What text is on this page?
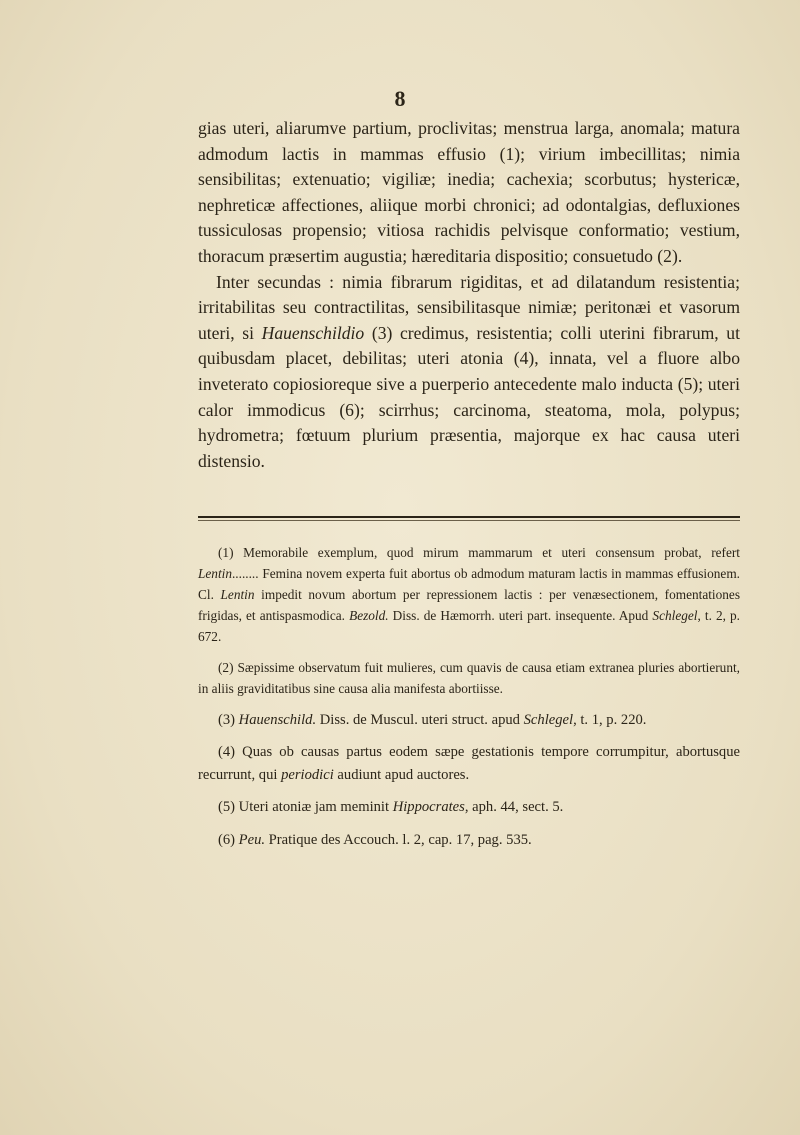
8

gias uteri, aliarumve partium, proclivitas; menstrua larga, anomala; matura admodum lactis in mammas effusio (1); virium imbecillitas; nimia sensibilitas; extenuatio; vigiliæ; inedia; cachexia; scorbutus; hystericæ, nephreticæ affectiones, aliique morbi chronici; ad odontalgias, defluxiones tussiculosas propensio; vitiosa rachidis pelvisque conformatio; vestium, thoracum præsertim augustia; hæreditaria dispositio; consuetudo (2).

Inter secundas : nimia fibrarum rigiditas, et ad dilatandum resistentia; irritabilitas seu contractilitas, sensibilitasque nimiæ; peritonæi et vasorum uteri, si Hauenschildio (3) credimus, resistentia; colli uterini fibrarum, ut quibusdam placet, debilitas; uteri atonia (4), innata, vel a fluore albo inveterato copiosioreque sive a puerperio antecedente malo inducta (5); uteri calor immodicus (6); scirrhus; carcinoma, steatoma, mola, polypus; hydrometra; fœtuum plurium præsentia, majorque ex hac causa uteri distensio.

(1) Memorabile exemplum, quod mirum mammarum et uteri consensum probat, refert Lentin........ Femina novem experta fuit abortus ob admodum maturam lactis in mammas effusionem. Cl. Lentin impedit novum abortum per repressionem lactis : per venæsectionem, fomentationes frigidas, et antispasmodica. Bezold. Diss. de Hæmorrh. uteri part. insequente. Apud Schlegel, t. 2, p. 672.

(2) Sæpissime observatum fuit mulieres, cum quavis de causa etiam extranea pluries abortierunt, in aliis graviditatibus sine causa alia manifesta abortiisse.

(3) Hauenschild. Diss. de Muscul. uteri struct. apud Schlegel, t. 1, p. 220.

(4) Quas ob causas partus eodem sæpe gestationis tempore corrumpitur, abortusque recurrunt, qui periodici audiunt apud auctores.

(5) Uteri atoniæ jam meminit Hippocrates, aph. 44, sect. 5.

(6) Peu. Pratique des Accouch. l. 2, cap. 17, pag. 535.
